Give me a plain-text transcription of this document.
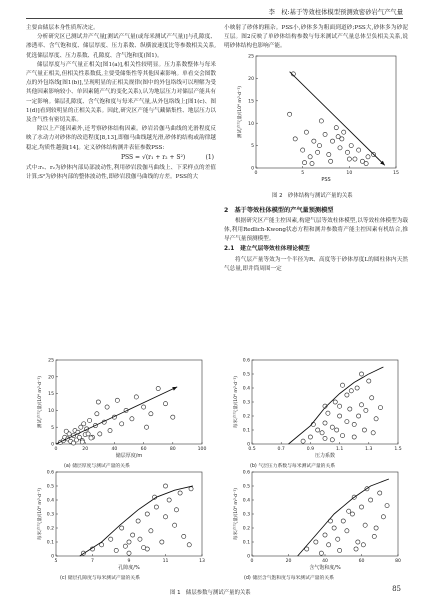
李　权:基于等效柱体模型预测致密砂岩气产气量

主要由储层本身性质所决定。

分析研究区已测试井产气量[测试产气量(或每米测试产气量)]与孔隙度、渗透率、含气饱和度、储层厚度、压力系数、纵横波速度比等参数相关关系,优选储层厚度、压力系数、孔隙度、含气饱和度(图1)。

储层厚度与产气量正相关[图1(a)],相关性较明显。压力系数整体与每米产气量正相关,但相关性系数低,主要受储集性等其他因素影响。单看交会图散点的外包络线[图1(b)],呈现明显的正相关规律(图中的外包络线可以理解为受其他因素影响较小、单因素随产气的变化关系),认为地层压力对储层产能具有一定影响。储层孔隙度、含气饱和度与每米产气量,从外包络线上[图1(c)、图1(d)]看到较明显的正相关关系。因此,研究区产能与气藏储集性、地层压力以及含气性有密切关系。

除以上产能因素外,还考察砂体结构因素。砂岩岩伽马曲线的光滑程度反映了水动力对砂体的改造程度[8,13],即伽马曲线越光滑,砂体的结构或韵律越稳定,均质性越强[14]。定义砂体结构测井表征参数PSS:

PSS = √(r₁ + r₂ + S²)	(1)

式中:r₁、r₂为砂体内部局部波动性,利用砂岩段伽马曲线上、下采样点的差值计算;S²为砂体内部的整体波动性,即砂岩段伽马曲线的方差。PSS的大

小映射了砂体的粗杂。PSS小,砂体多为粗面到道砂;PSS大,砂体多为砂泥互层。图2反映了单砂体结构参数与每米测试产气量总体呈负相关关系,说明砂体结构也影响产能。

0	5	10	15
0
5
10
15
20
25
PSS
测试产气量/(10⁴ m³·d⁻¹)
图 2　砂体结构与测试产量的关系
2　基于等效柱体模型的产气量预测模型

根据研究区产能主控因素,构建气层等效柱体模型,以等效柱体模型为载体,利用Redlich-Kwong状态方程和测井参数将产能主控因素有机结合,推导产气量预测模型。

2.1　建立气层等效柱体理论模型

将气层产量等效为一个半径为R、高度等于砂体厚度L的圆柱体内天然气总量,即井筒周围一定

0	20	40	60	80	100
0
5
10
15
20
25
储层厚度/m
测试产气量/(10⁴ m³·d⁻¹)
(a) 储层厚度与测试产量的关系
0.5	0.7	0.9	1.1	1.3	1.5
0
0.1
0.2
0.3
0.4
0.5
0.6
压力系数
每米产气量/(10⁴ m³·d⁻¹)
(b) 气层压力系数与每米测试产量的关系
5	7	9	11	13
0
0.1
0.2
0.3
0.4
0.5
0.6
孔隙度/%
每米产气量/(10⁴ m³·d⁻¹)
(c) 储层孔隙度与每米测试产量的关系
0	20	40	60	80
0
0.1
0.2
0.3
0.4
0.5
0.6
含气饱和度/%
每米产气量/(10⁴ m³·d⁻¹)
(d) 储层含气饱和度与每米测试产量的关系
图 1　储层参数与测试产量的关系	85
